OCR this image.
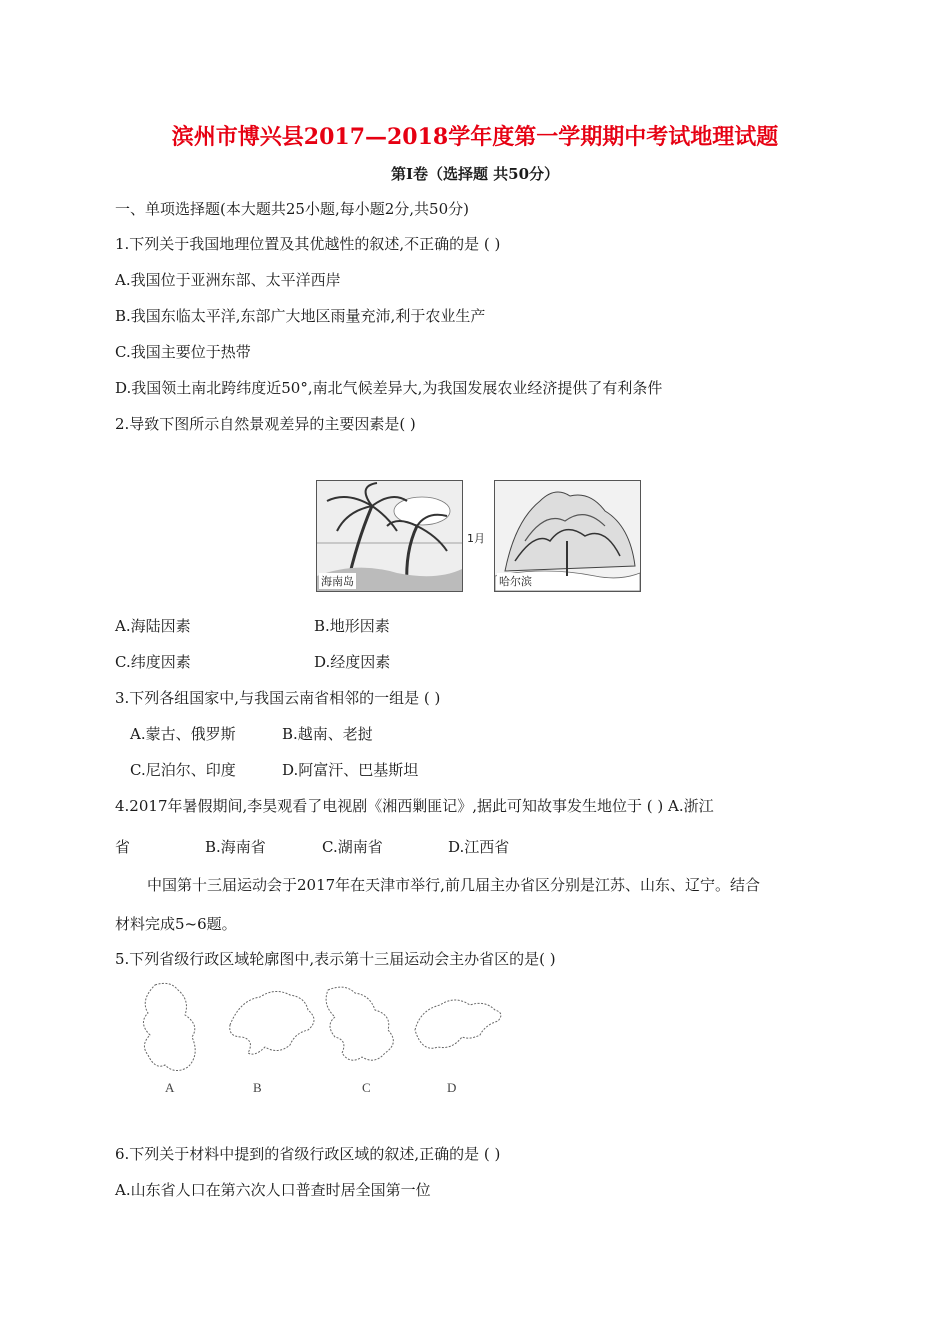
滨州市博兴县2017—2018学年度第一学期期中考试地理试题
第Ⅰ卷（选择题 共50分）
一、单项选择题(本大题共25小题,每小题2分,共50分)
1.下列关于我国地理位置及其优越性的叙述,不正确的是 ( )
A.我国位于亚洲东部、太平洋西岸
B.我国东临太平洋,东部广大地区雨量充沛,利于农业生产
C.我国主要位于热带
D.我国领土南北跨纬度近50°,南北气候差异大,为我国发展农业经济提供了有利条件
2.导致下图所示自然景观差异的主要因素是( )
海南岛
1月
哈尔滨
A.海陆因素	B.地形因素
C.纬度因素	D.经度因素
3.下列各组国家中,与我国云南省相邻的一组是 ( )
A.蒙古、俄罗斯	B.越南、老挝
C.尼泊尔、印度	D.阿富汗、巴基斯坦
4.2017年暑假期间,李昊观看了电视剧《湘西剿匪记》,据此可知故事发生地位于 ( ) A.浙江
省	B.海南省	C.湖南省	D.江西省
中国第十三届运动会于2017年在天津市举行,前几届主办省区分别是江苏、山东、辽宁。结合
材料完成5~6题。
5.下列省级行政区域轮廓图中,表示第十三届运动会主办省区的是( )
A	B	C	D
6.下列关于材料中提到的省级行政区域的叙述,正确的是 ( )
A.山东省人口在第六次人口普查时居全国第一位
